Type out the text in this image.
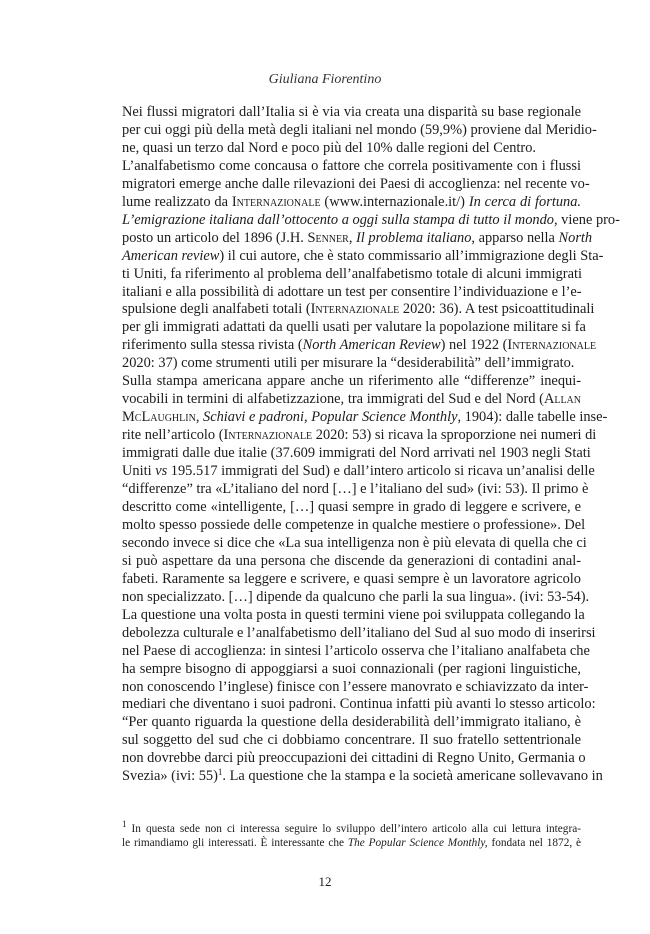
Giuliana Fiorentino

Nei flussi migratori dall’Italia si è via via creata una disparità su base regionale
per cui oggi più della metà degli italiani nel mondo (59,9%) proviene dal Meridio-
ne, quasi un terzo dal Nord e poco più del 10% dalle regioni del Centro.

L’analfabetismo come concausa o fattore che correla positivamente con i flussi
migratori emerge anche dalle rilevazioni dei Paesi di accoglienza: nel recente vo-
lume realizzato da Internazionale (www.internazionale.it/) In cerca di fortuna.
L’emigrazione italiana dall’ottocento a oggi sulla stampa di tutto il mondo, viene pro-
posto un articolo del 1896 (J.H. Senner, Il problema italiano, apparso nella North
American review) il cui autore, che è stato commissario all’immigrazione degli Sta-
ti Uniti, fa riferimento al problema dell’analfabetismo totale di alcuni immigrati
italiani e alla possibilità di adottare un test per consentire l’individuazione e l’e-
spulsione degli analfabeti totali (Internazionale 2020: 36). A test psicoattitudinali
per gli immigrati adattati da quelli usati per valutare la popolazione militare si fa
riferimento sulla stessa rivista (North American Review) nel 1922 (Internazionale
2020: 37) come strumenti utili per misurare la “desiderabilità” dell’immigrato.

Sulla stampa americana appare anche un riferimento alle “differenze” inequi-
vocabili in termini di alfabetizzazione, tra immigrati del Sud e del Nord (Allan
McLaughlin, Schiavi e padroni, Popular Science Monthly, 1904): dalle tabelle inse-
rite nell’articolo (Internazionale 2020: 53) si ricava la sproporzione nei numeri di
immigrati dalle due italie (37.609 immigrati del Nord arrivati nel 1903 negli Stati
Uniti vs 195.517 immigrati del Sud) e dall’intero articolo si ricava un’analisi delle
“differenze” tra «L’italiano del nord […] e l’italiano del sud» (ivi: 53). Il primo è
descritto come «intelligente, […] quasi sempre in grado di leggere e scrivere, e
molto spesso possiede delle competenze in qualche mestiere o professione». Del
secondo invece si dice che «La sua intelligenza non è più elevata di quella che ci
si può aspettare da una persona che discende da generazioni di contadini anal-
fabeti. Raramente sa leggere e scrivere, e quasi sempre è un lavoratore agricolo
non specializzato. […] dipende da qualcuno che parli la sua lingua». (ivi: 53-54).
La questione una volta posta in questi termini viene poi sviluppata collegando la
debolezza culturale e l’analfabetismo dell’italiano del Sud al suo modo di inserirsi
nel Paese di accoglienza: in sintesi l’articolo osserva che l’italiano analfabeta che
ha sempre bisogno di appoggiarsi a suoi connazionali (per ragioni linguistiche,
non conoscendo l’inglese) finisce con l’essere manovrato e schiavizzato da inter-
mediari che diventano i suoi padroni. Continua infatti più avanti lo stesso articolo:
“Per quanto riguarda la questione della desiderabilità dell’immigrato italiano, è
sul soggetto del sud che ci dobbiamo concentrare. Il suo fratello settentrionale
non dovrebbe darci più preoccupazioni dei cittadini di Regno Unito, Germania o
Svezia» (ivi: 55)$^1$. La questione che la stampa e la società americane sollevavano in

$^1$ In questa sede non ci interessa seguire lo sviluppo dell’intero articolo alla cui lettura integra-
le rimandiamo gli interessati. È interessante che The Popular Science Monthly, fondata nel 1872, è

12
